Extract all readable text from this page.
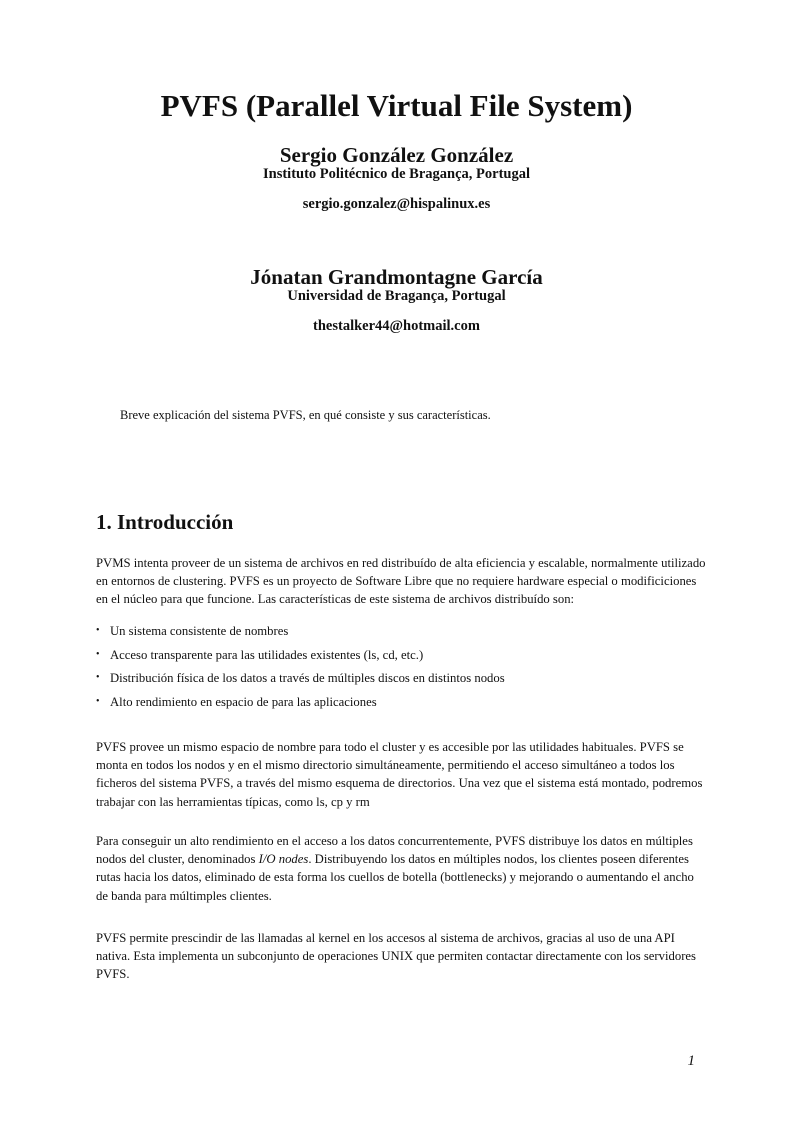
PVFS (Parallel Virtual File System)

Sergio González González

Instituto Politécnico de Bragança, Portugal

sergio.gonzalez@hispalinux.es

Jónatan Grandmontagne García

Universidad de Bragança, Portugal

thestalker44@hotmail.com

Breve explicación del sistema PVFS, en qué consiste y sus características.

1. Introducción

PVMS intenta proveer de un sistema de archivos en red distribuído de alta eficiencia y escalable, normalmente utilizado en entornos de clustering. PVFS es un proyecto de Software Libre que no requiere hardware especial o modificiciones en el núcleo para que funcione. Las características de este sistema de archivos distribuído son:

• Un sistema consistente de nombres
• Acceso transparente para las utilidades existentes (ls, cd, etc.)
• Distribución física de los datos a través de múltiples discos en distintos nodos
• Alto rendimiento en espacio de para las aplicaciones

PVFS provee un mismo espacio de nombre para todo el cluster y es accesible por las utilidades habituales. PVFS se monta en todos los nodos y en el mismo directorio simultáneamente, permitiendo el acceso simultáneo a todos los ficheros del sistema PVFS, a través del mismo esquema de directorios. Una vez que el sistema está montado, podremos trabajar con las herramientas típicas, como ls, cp y rm

Para conseguir un alto rendimiento en el acceso a los datos concurrentemente, PVFS distribuye los datos en múltiples nodos del cluster, denominados I/O nodes. Distribuyendo los datos en múltiples nodos, los clientes poseen diferentes rutas hacia los datos, eliminado de esta forma los cuellos de botella (bottlenecks) y mejorando o aumentando el ancho de banda para múltimples clientes.

PVFS permite prescindir de las llamadas al kernel en los accesos al sistema de archivos, gracias al uso de una API nativa. Esta implementa un subconjunto de operaciones UNIX que permiten contactar directamente con los servidores PVFS.

1
